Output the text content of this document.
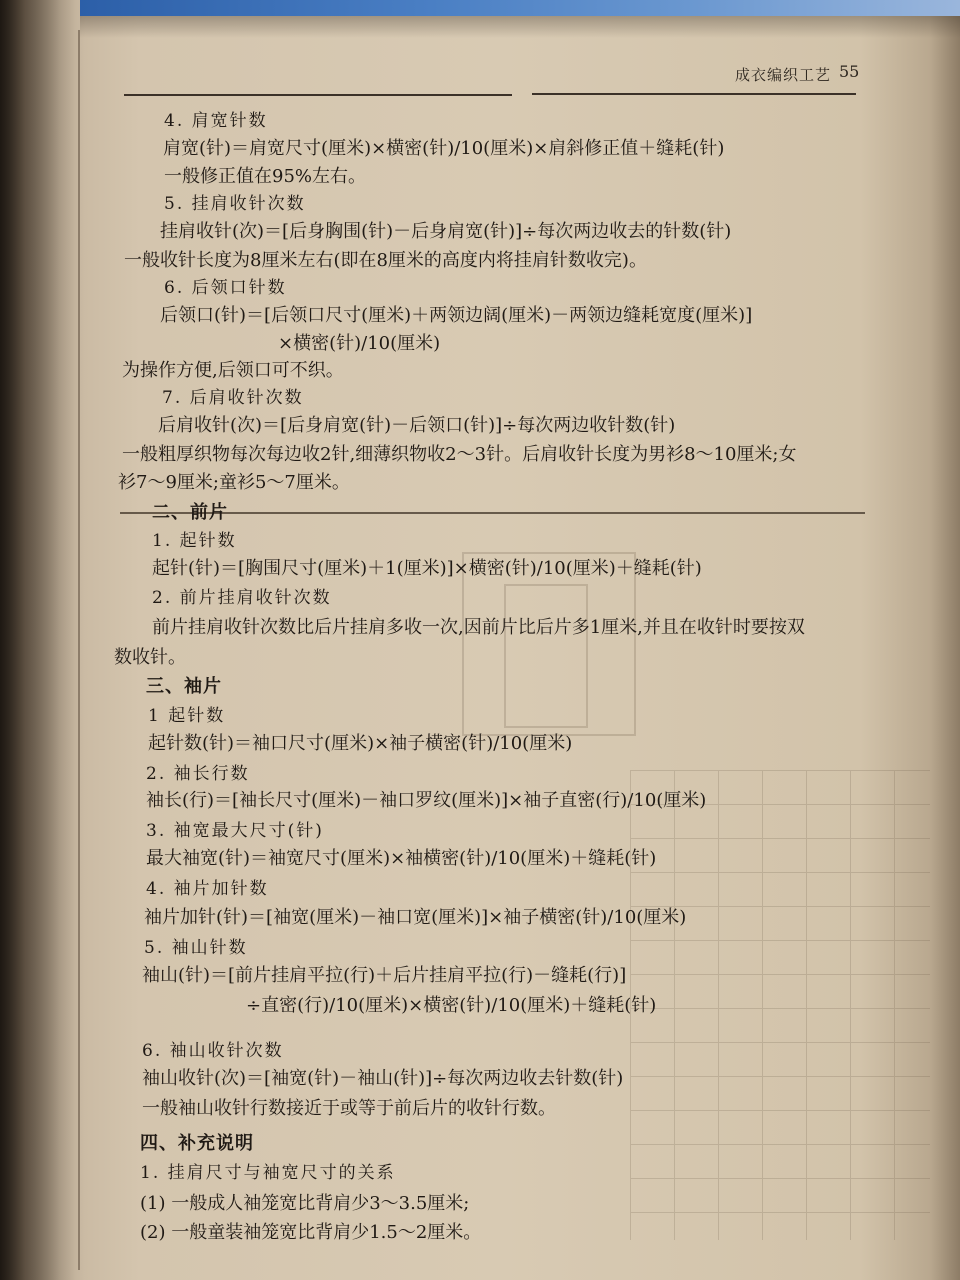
成衣编织工艺 55
4. 肩宽针数
肩宽(针)＝肩宽尺寸(厘米)×横密(针)/10(厘米)×肩斜修正值＋缝耗(针)
一般修正值在95%左右。
5. 挂肩收针次数
挂肩收针(次)＝[后身胸围(针)－后身肩宽(针)]÷每次两边收去的针数(针)
一般收针长度为8厘米左右(即在8厘米的高度内将挂肩针数收完)。
6. 后领口针数
后领口(针)＝[后领口尺寸(厘米)＋两领边阔(厘米)－两领边缝耗宽度(厘米)]
×横密(针)/10(厘米)
为操作方便,后领口可不织。
7. 后肩收针次数
后肩收针(次)＝[后身肩宽(针)－后领口(针)]÷每次两边收针数(针)
一般粗厚织物每次每边收2针,细薄织物收2～3针。后肩收针长度为男衫8～10厘米;女
衫7～9厘米;童衫5～7厘米。
二、前片
1. 起针数
起针(针)＝[胸围尺寸(厘米)＋1(厘米)]×横密(针)/10(厘米)＋缝耗(针)
2. 前片挂肩收针次数
前片挂肩收针次数比后片挂肩多收一次,因前片比后片多1厘米,并且在收针时要按双
数收针。
三、袖片
1 起针数
起针数(针)＝袖口尺寸(厘米)×袖子横密(针)/10(厘米)
2. 袖长行数
袖长(行)＝[袖长尺寸(厘米)－袖口罗纹(厘米)]×袖子直密(行)/10(厘米)
3. 袖宽最大尺寸(针)
最大袖宽(针)＝袖宽尺寸(厘米)×袖横密(针)/10(厘米)＋缝耗(针)
4. 袖片加针数
袖片加针(针)＝[袖宽(厘米)－袖口宽(厘米)]×袖子横密(针)/10(厘米)
5. 袖山针数
袖山(针)＝[前片挂肩平拉(行)＋后片挂肩平拉(行)－缝耗(行)]
÷直密(行)/10(厘米)×横密(针)/10(厘米)＋缝耗(针)
6. 袖山收针次数
袖山收针(次)＝[袖宽(针)－袖山(针)]÷每次两边收去针数(针)
一般袖山收针行数接近于或等于前后片的收针行数。
四、补充说明
1. 挂肩尺寸与袖宽尺寸的关系
(1) 一般成人袖笼宽比背肩少3～3.5厘米;
(2) 一般童装袖笼宽比背肩少1.5～2厘米。
